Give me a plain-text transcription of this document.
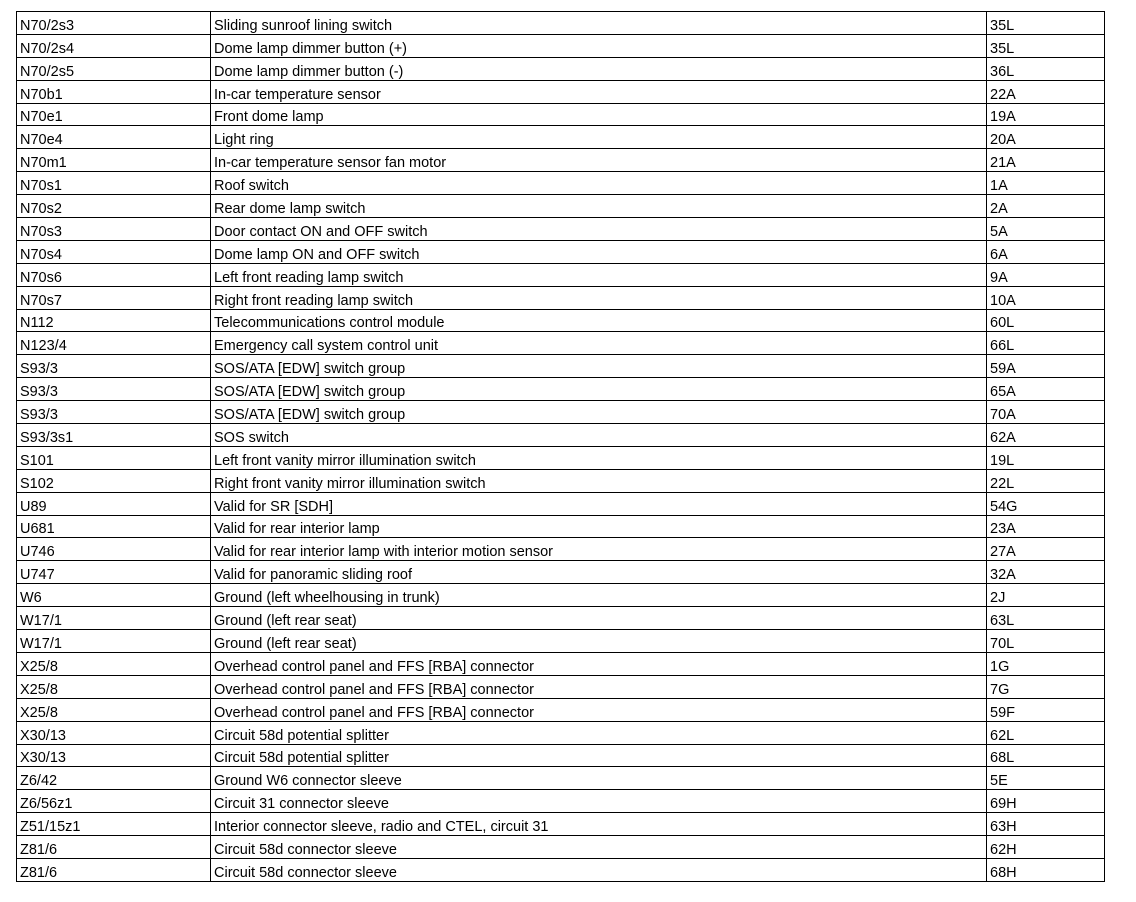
N70/2s3	Sliding sunroof lining switch	35L
N70/2s4	Dome lamp dimmer button (+)	35L
N70/2s5	Dome lamp dimmer button (-)	36L
N70b1	In-car temperature sensor	22A
N70e1	Front dome lamp	19A
N70e4	Light ring	20A
N70m1	In-car temperature sensor fan motor	21A
N70s1	Roof switch	1A
N70s2	Rear dome lamp switch	2A
N70s3	Door contact ON and OFF switch	5A
N70s4	Dome lamp ON and OFF switch	6A
N70s6	Left front reading lamp switch	9A
N70s7	Right front reading lamp switch	10A
N112	Telecommunications control module	60L
N123/4	Emergency call system control unit	66L
S93/3	SOS/ATA [EDW] switch group	59A
S93/3	SOS/ATA [EDW] switch group	65A
S93/3	SOS/ATA [EDW] switch group	70A
S93/3s1	SOS switch	62A
S101	Left front vanity mirror illumination switch	19L
S102	Right front vanity mirror illumination switch	22L
U89	Valid for SR [SDH]	54G
U681	Valid for rear interior lamp	23A
U746	Valid for rear interior lamp with interior motion sensor	27A
U747	Valid for panoramic sliding roof	32A
W6	Ground (left wheelhousing in trunk)	2J
W17/1	Ground (left rear seat)	63L
W17/1	Ground (left rear seat)	70L
X25/8	Overhead control panel and FFS [RBA] connector	1G
X25/8	Overhead control panel and FFS [RBA] connector	7G
X25/8	Overhead control panel and FFS [RBA] connector	59F
X30/13	Circuit 58d potential splitter	62L
X30/13	Circuit 58d potential splitter	68L
Z6/42	Ground W6 connector sleeve	5E
Z6/56z1	Circuit 31 connector sleeve	69H
Z51/15z1	Interior connector sleeve, radio and CTEL, circuit 31	63H
Z81/6	Circuit 58d connector sleeve	62H
Z81/6	Circuit 58d connector sleeve	68H
